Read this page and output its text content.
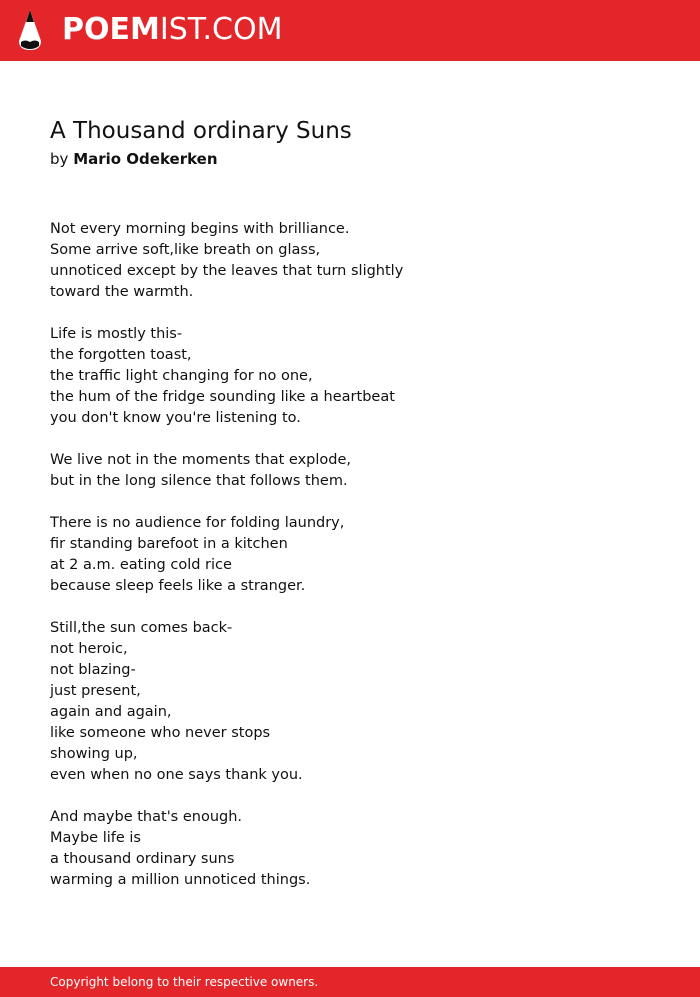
POEMIST.COM
A Thousand ordinary Suns
by Mario Odekerken
Not every morning begins with brilliance.
Some arrive soft,like breath on glass,
unnoticed except by the leaves that turn slightly
toward the warmth.
Life is mostly this-
the forgotten toast,
the traffic light changing for no one,
the hum of the fridge sounding like a heartbeat
you don't know you're listening to.
We live not in the moments that explode,
but in the long silence that follows them.
There is no audience for folding laundry,
fir standing barefoot in a kitchen
at 2 a.m. eating cold rice
because sleep feels like a stranger.
Still,the sun comes back-
not heroic,
not blazing-
just present,
again and again,
like someone who never stops
showing up,
even when no one says thank you.
And maybe that's enough.
Maybe life is
a thousand ordinary suns
warming a million unnoticed things.
Copyright belong to their respective owners.
